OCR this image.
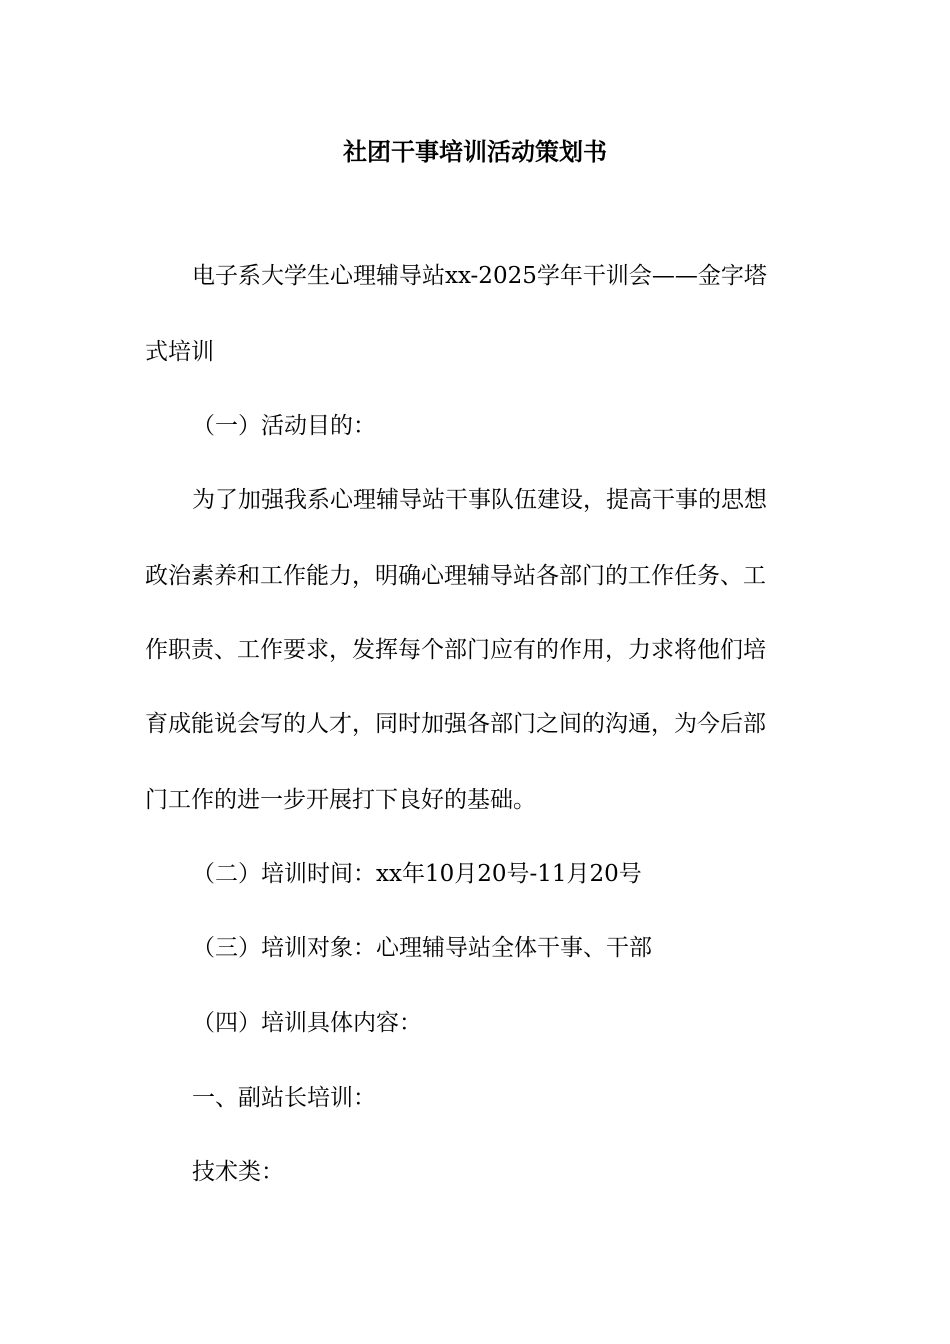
社团干事培训活动策划书
电子系大学生心理辅导站xx-2025学年干训会——金字塔
式培训
（一）活动目的：
为了加强我系心理辅导站干事队伍建设，提高干事的思想
政治素养和工作能力，明确心理辅导站各部门的工作任务、工
作职责、工作要求，发挥每个部门应有的作用，力求将他们培
育成能说会写的人才，同时加强各部门之间的沟通，为今后部
门工作的进一步开展打下良好的基础。
（二）培训时间：xx年10月20号-11月20号
（三）培训对象：心理辅导站全体干事、干部
（四）培训具体内容：
一、副站长培训：
技术类：
